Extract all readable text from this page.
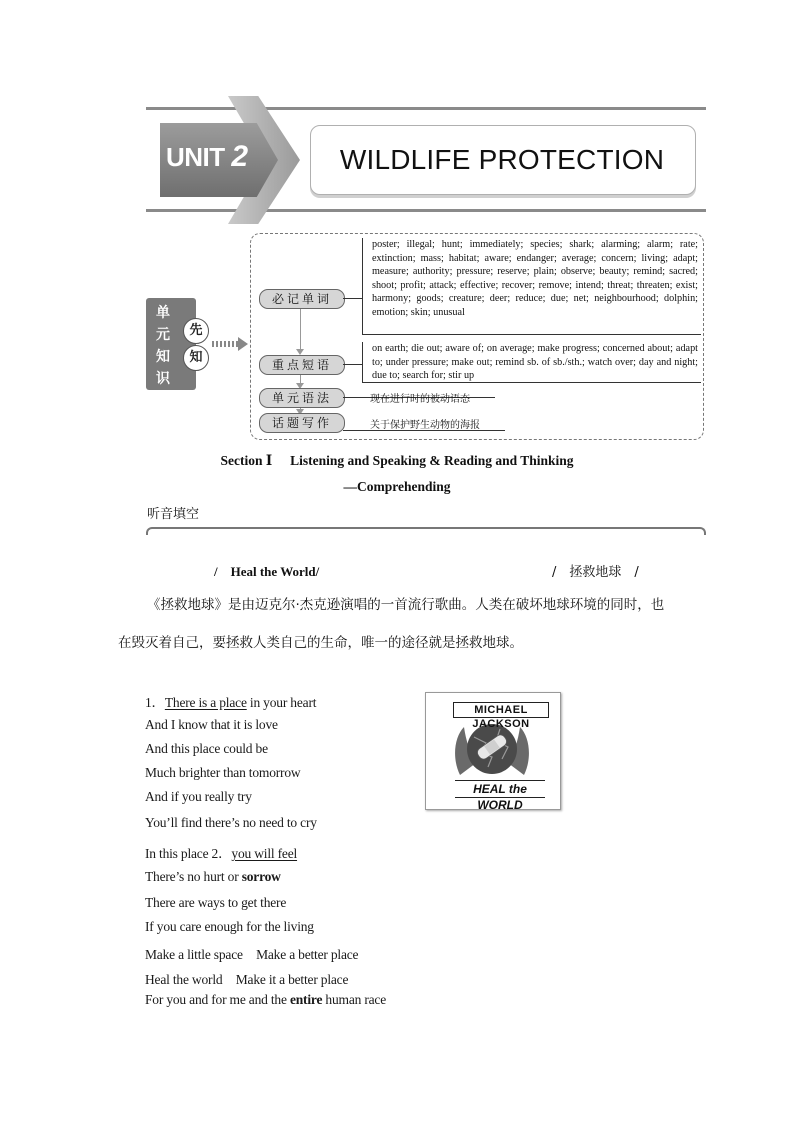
UNIT 2	WILDLIFE PROTECTION
单
元
知
识
先
知
必记单词
重点短语
单元语法
话题写作
poster; illegal; hunt; immediately; species; shark; alarming; alarm; rate; extinction; mass; habitat; aware; endanger; average; concern; living; adapt; measure; authority; pressure; reserve; plain; observe; beauty; remind; sacred; shoot; profit; attack; effective; recover; remove; intend; threat; threaten; exist; harmony; goods; creature; deer; reduce; due; net; neighbourhood; dolphin; emotion; skin; unusual
on earth; die out; aware of; on average; make progress; concerned about; adapt to; under pressure; make out; remind sb. of sb./sth.; watch over; day and night; due to; search for; stir up
现在进行时的被动语态
关于保护野生动物的海报
Section Ⅰ Listening and Speaking & Reading and Thinking
—Comprehending
听音填空
/　Heal the World/	/　拯救地球　/
《拯救地球》是由迈克尔·杰克逊演唱的一首流行歌曲。人类在破坏地球环境的同时，也
在毁灭着自己，要拯救人类自己的生命，唯一的途径就是拯救地球。
1．There is a place in your heart
And I know that it is love
And this place could be
Much brighter than tomorrow
And if you really try
You’ll find there’s no need to cry
In this place 2．you will feel
There’s no hurt or sorrow
There are ways to get there
If you care enough for the living
Make a little space　Make a better place
Heal the world　Make it a better place
For you and for me and the entire human race
MICHAEL JACKSON
HEAL the WORLD
